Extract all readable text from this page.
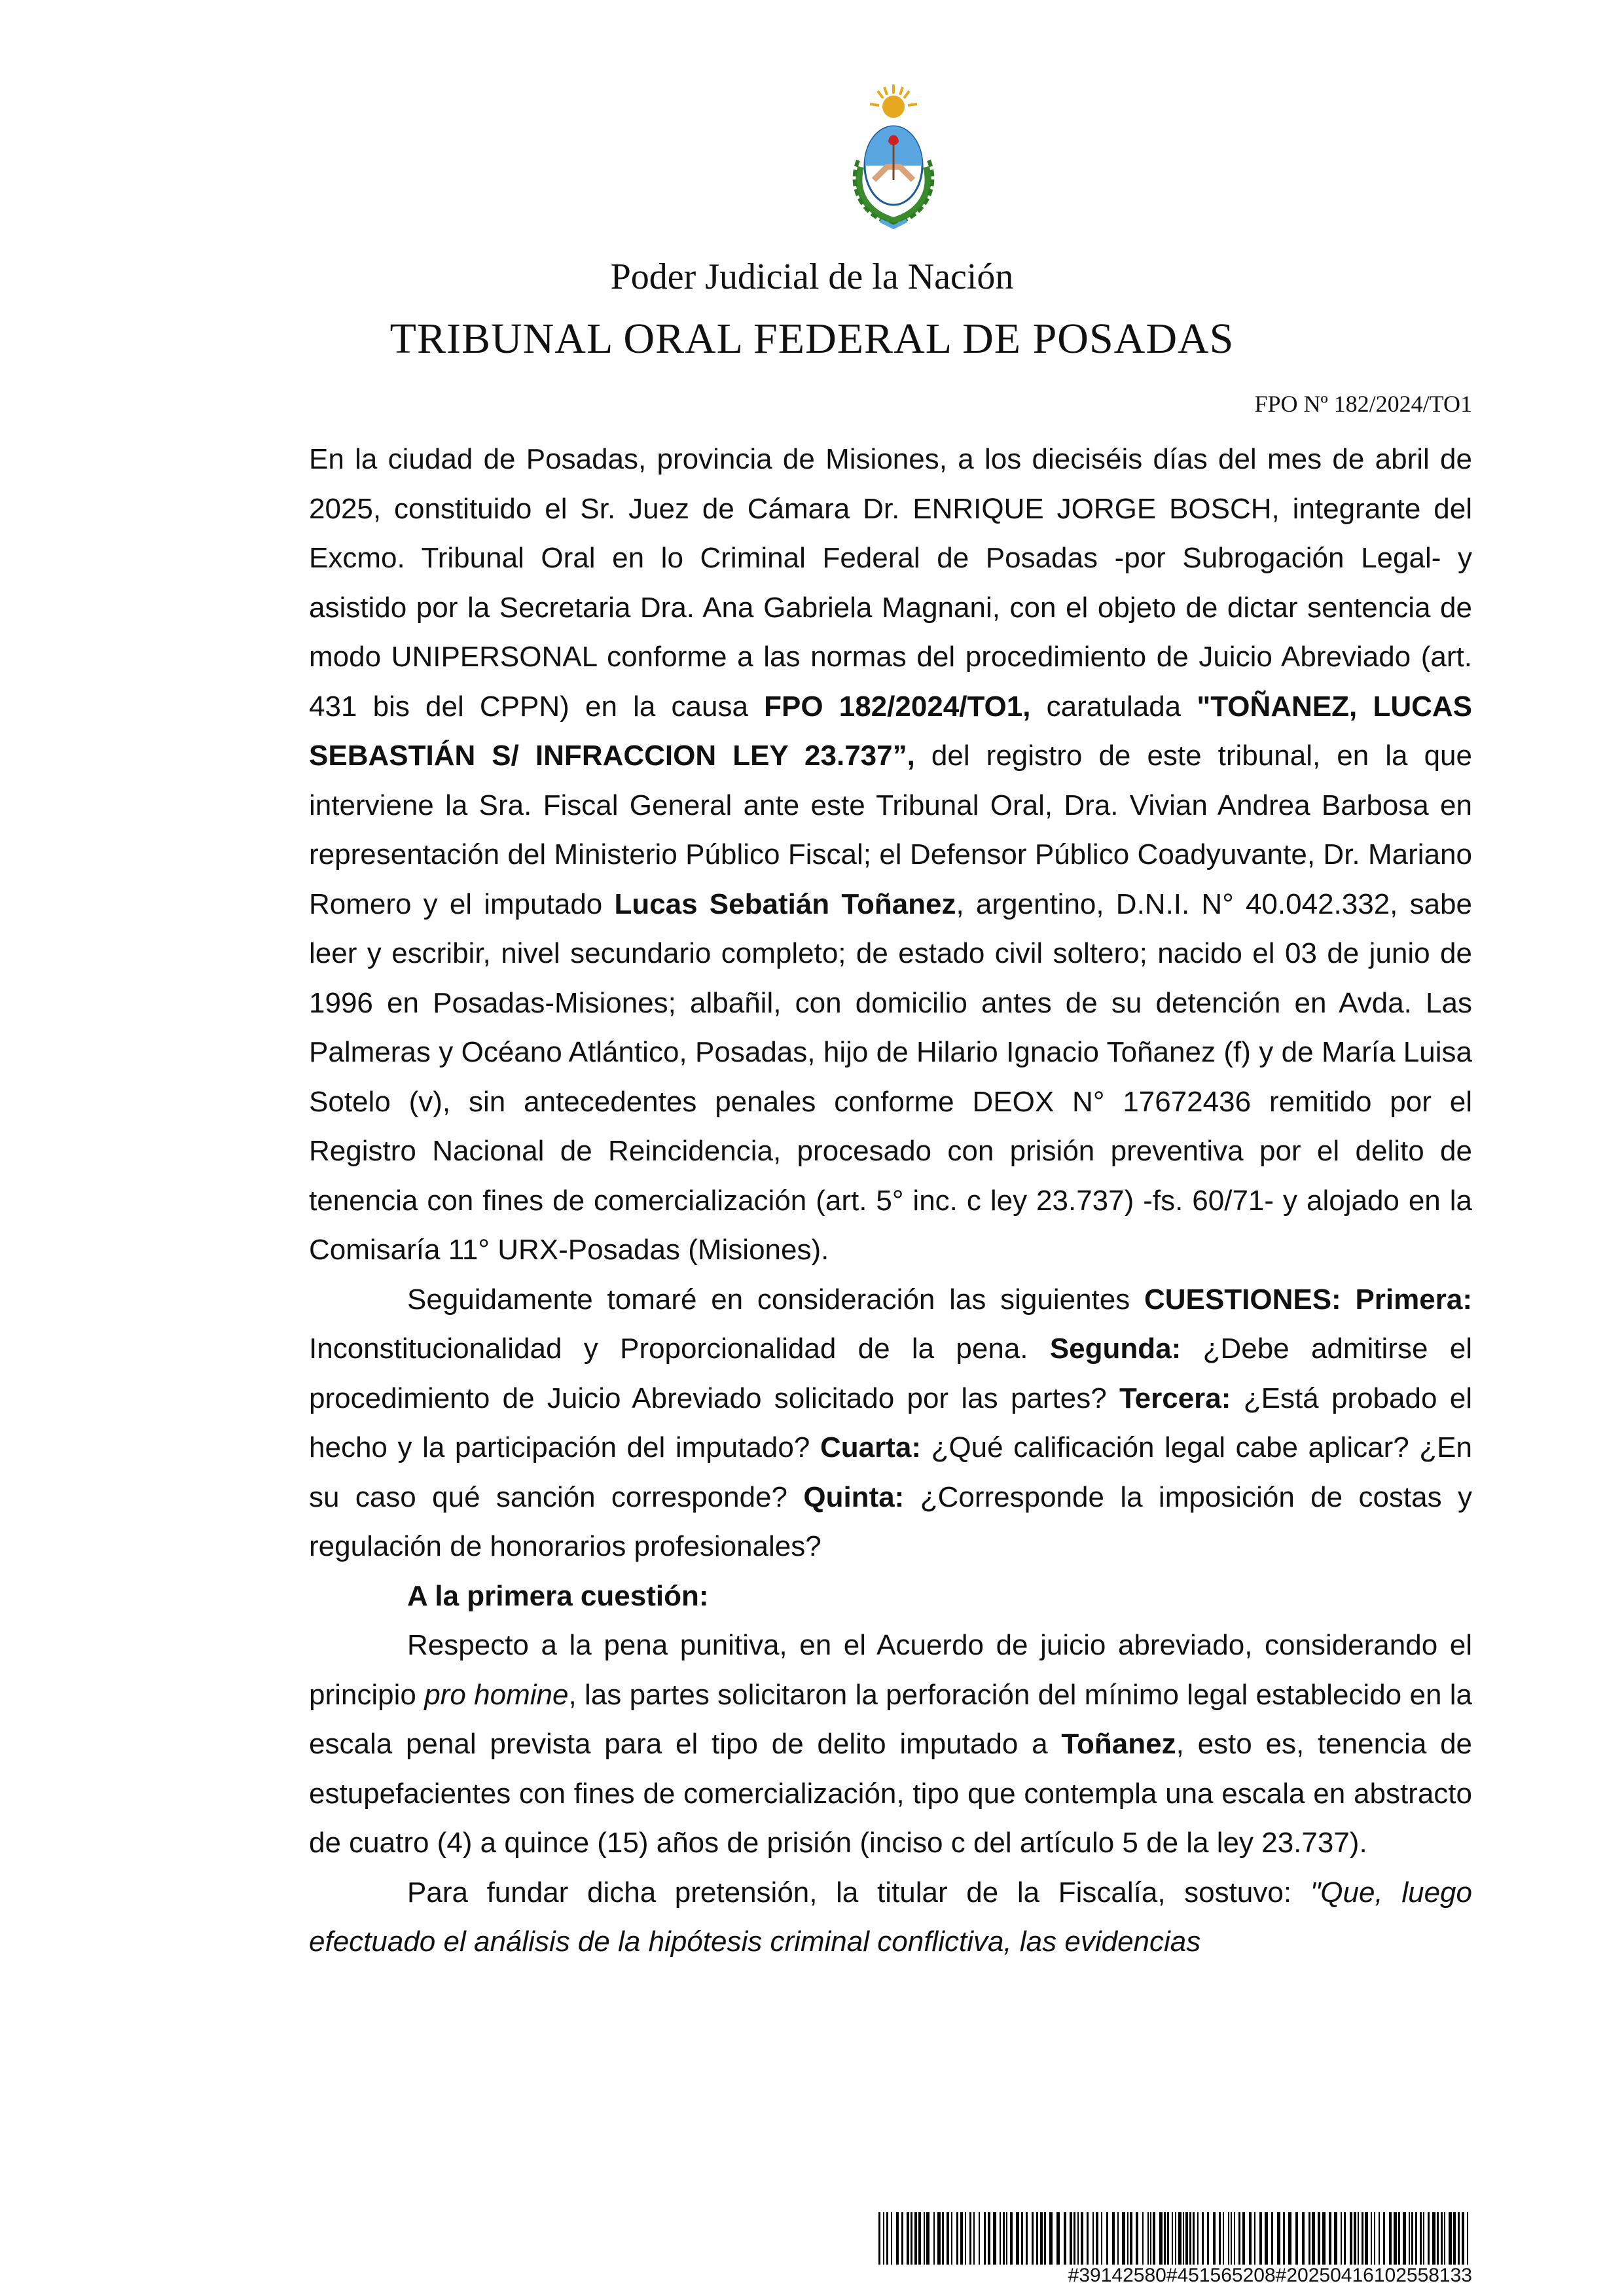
Poder Judicial de la Nación
TRIBUNAL ORAL FEDERAL DE POSADAS
FPO Nº 182/2024/TO1

En la ciudad de Posadas, provincia de Misiones, a los dieciséis días del mes de abril de 2025, constituido el Sr. Juez de Cámara Dr. ENRIQUE JORGE BOSCH, integrante del Excmo. Tribunal Oral en lo Criminal Federal de Posadas -por Subrogación Legal- y asistido por la Secretaria Dra. Ana Gabriela Magnani, con el objeto de dictar sentencia de modo UNIPERSONAL conforme a las normas del procedimiento de Juicio Abreviado (art. 431 bis del CPPN) en la causa FPO 182/2024/TO1, caratulada "TOÑANEZ, LUCAS SEBASTIÁN S/ INFRACCION LEY 23.737”, del registro de este tribunal, en la que interviene la Sra. Fiscal General ante este Tribunal Oral, Dra. Vivian Andrea Barbosa en representación del Ministerio Público Fiscal; el Defensor Público Coadyuvante, Dr. Mariano Romero y el imputado Lucas Sebatián Toñanez, argentino, D.N.I. N° 40.042.332, sabe leer y escribir, nivel secundario completo; de estado civil soltero; nacido el 03 de junio de 1996 en Posadas-Misiones; albañil, con domicilio antes de su detención en Avda. Las Palmeras y Océano Atlántico, Posadas, hijo de Hilario Ignacio Toñanez (f) y de María Luisa Sotelo (v), sin antecedentes penales conforme DEOX N° 17672436 remitido por el Registro Nacional de Reincidencia, procesado con prisión preventiva por el delito de tenencia con fines de comercialización (art. 5° inc. c ley 23.737) -fs. 60/71- y alojado en la Comisaría 11° URX-Posadas (Misiones).

Seguidamente tomaré en consideración las siguientes CUESTIONES: Primera: Inconstitucionalidad y Proporcionalidad de la pena. Segunda: ¿Debe admitirse el procedimiento de Juicio Abreviado solicitado por las partes? Tercera: ¿Está probado el hecho y la participación del imputado? Cuarta: ¿Qué calificación legal cabe aplicar? ¿En su caso qué sanción corresponde? Quinta: ¿Corresponde la imposición de costas y regulación de honorarios profesionales?

A la primera cuestión:

Respecto a la pena punitiva, en el Acuerdo de juicio abreviado, considerando el principio pro homine, las partes solicitaron la perforación del mínimo legal establecido en la escala penal prevista para el tipo de delito imputado a Toñanez, esto es, tenencia de estupefacientes con fines de comercialización, tipo que contempla una escala en abstracto de cuatro (4) a quince (15) años de prisión (inciso c del artículo 5 de la ley 23.737).

Para fundar dicha pretensión, la titular de la Fiscalía, sostuvo: "Que, luego efectuado el análisis de la hipótesis criminal conflictiva, las evidencias

#39142580#451565208#20250416102558133
